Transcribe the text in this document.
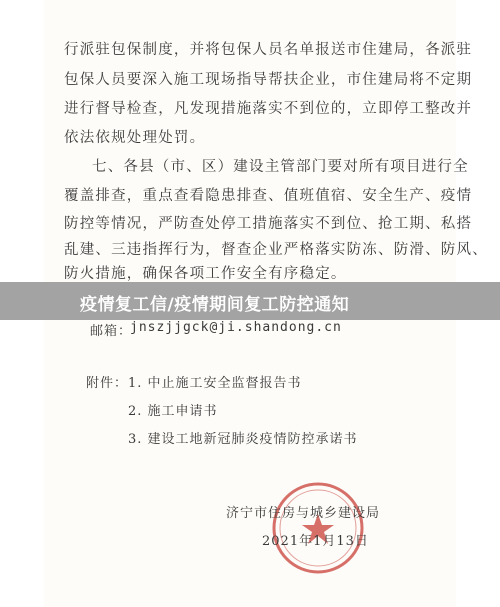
行派驻包保制度，并将包保人员名单报送市住建局，各派驻
包保人员要深入施工现场指导帮扶企业，市住建局将不定期
进行督导检查，凡发现措施落实不到位的，立即停工整改并
依法依规处理处罚。
七、各县（市、区）建设主管部门要对所有项目进行全
覆盖排查，重点查看隐患排查、值班值宿、安全生产、疫情
防控等情况，严防查处停工措施落实不到位、抢工期、私搭
乱建、三违指挥行为，督查企业严格落实防冻、防滑、防风、
防火措施，确保各项工作安全有序稳定。
疫情复工信/疫情期间复工防控通知
邮箱：
jnszjjgck@ji.shandong.cn
附件： 1. 中止施工安全监督报告书
2. 施工申请书
3. 建设工地新冠肺炎疫情防控承诺书
济宁市住房与城乡建设局
2021年1月13日
